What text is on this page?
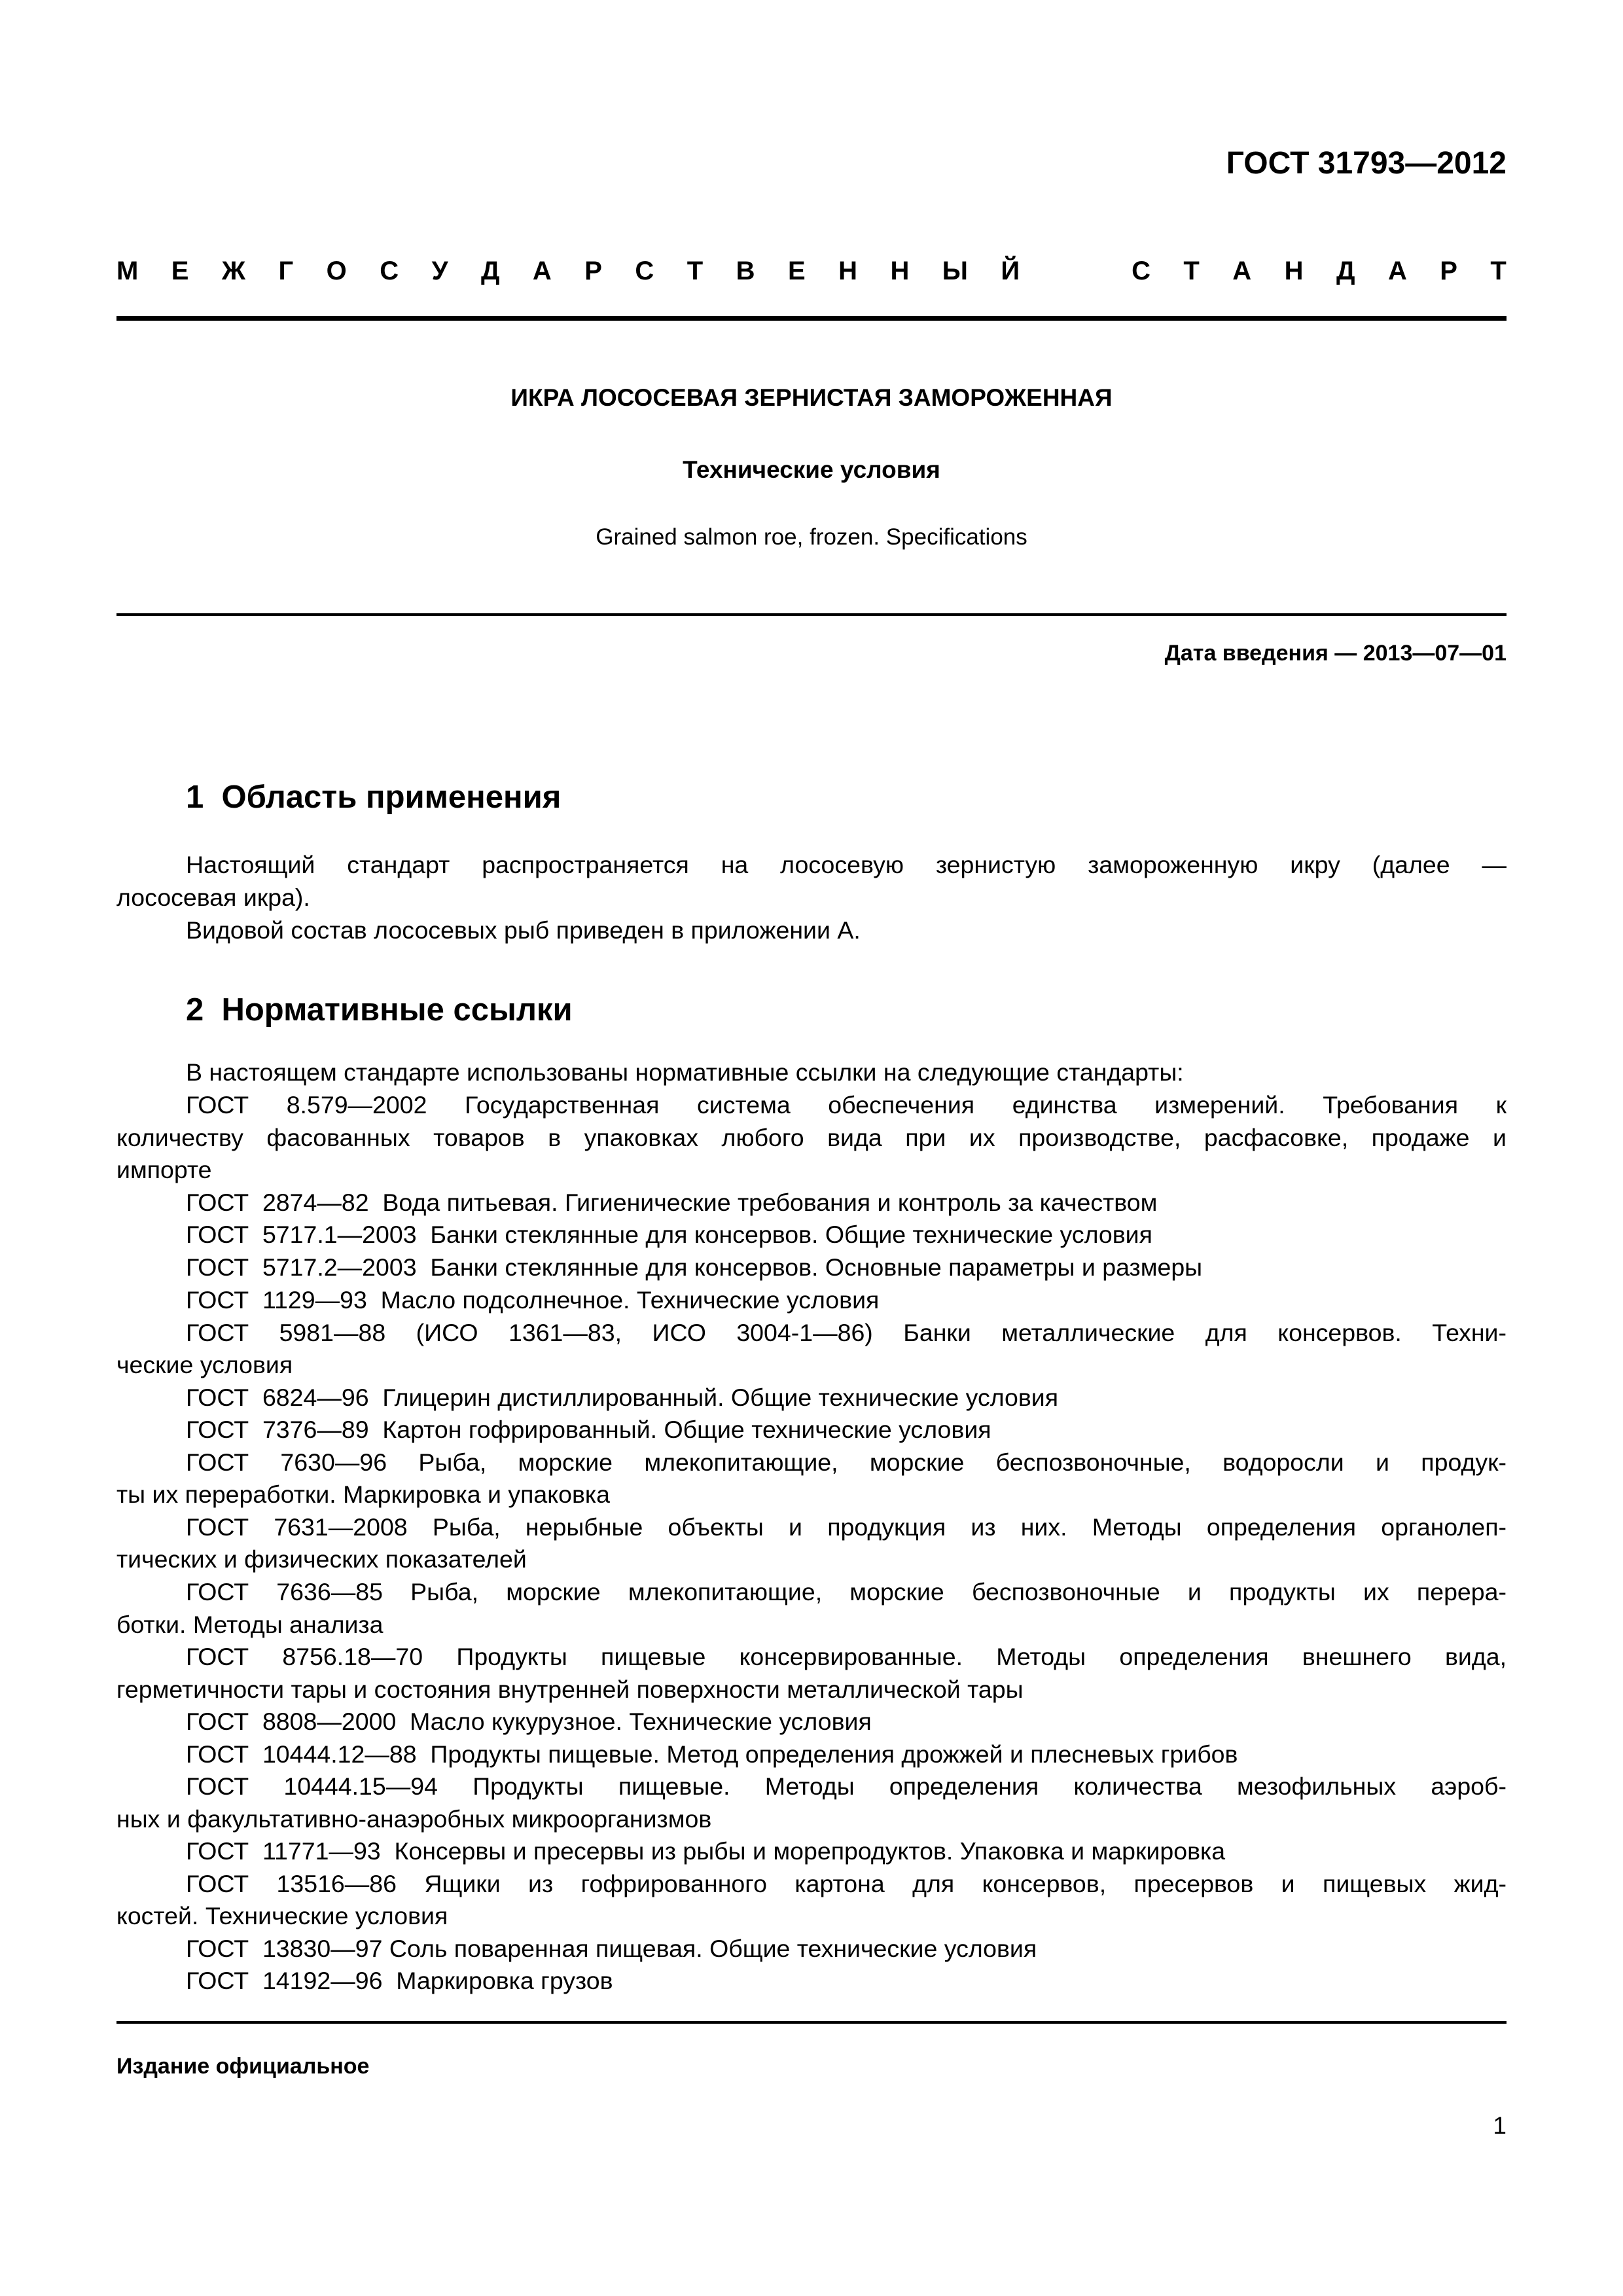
ГОСТ 31793—2012
М Е Ж Г О С У Д А Р С Т В Е Н Н Ы Й	С Т А Н Д А Р Т
ИКРА ЛОСОСЕВАЯ ЗЕРНИСТАЯ ЗАМОРОЖЕННАЯ
Технические условия
Grained salmon roe, frozen. Specifications
Дата введения — 2013—07—01
1  Область применения
Настоящий стандарт распространяется на лососевую зернистую замороженную икру (далее —
лососевая икра).
Видовой состав лососевых рыб приведен в приложении А.
2  Нормативные ссылки
В настоящем стандарте использованы нормативные ссылки на следующие стандарты:
ГОСТ 8.579—2002 Государственная система обеспечения единства измерений. Требования к
количеству фасованных товаров в упаковках любого вида при их производстве, расфасовке, продаже и
импорте
ГОСТ  2874—82  Вода питьевая. Гигиенические требования и контроль за качеством
ГОСТ  5717.1—2003  Банки стеклянные для консервов. Общие технические условия
ГОСТ  5717.2—2003  Банки стеклянные для консервов. Основные параметры и размеры
ГОСТ  1129—93  Масло подсолнечное. Технические условия
ГОСТ 5981—88 (ИСО 1361—83, ИСО 3004-1—86) Банки металлические для консервов. Техни-
ческие условия
ГОСТ  6824—96  Глицерин дистиллированный. Общие технические условия
ГОСТ  7376—89  Картон гофрированный. Общие технические условия
ГОСТ 7630—96 Рыба, морские млекопитающие, морские беспозвоночные, водоросли и продук-
ты их переработки. Маркировка и упаковка
ГОСТ 7631—2008 Рыба, нерыбные объекты и продукция из них. Методы определения органолеп-
тических и физических показателей
ГОСТ 7636—85 Рыба, морские млекопитающие, морские беспозвоночные и продукты их перера-
ботки. Методы анализа
ГОСТ 8756.18—70 Продукты пищевые консервированные. Методы определения внешнего вида,
герметичности тары и состояния внутренней поверхности металлической тары
ГОСТ  8808—2000  Масло кукурузное. Технические условия
ГОСТ  10444.12—88  Продукты пищевые. Метод определения дрожжей и плесневых грибов
ГОСТ 10444.15—94 Продукты пищевые. Методы определения количества мезофильных аэроб-
ных и факультативно-анаэробных микроорганизмов
ГОСТ  11771—93  Консервы и пресервы из рыбы и морепродуктов. Упаковка и маркировка
ГОСТ 13516—86 Ящики из гофрированного картона для консервов, пресервов и пищевых жид-
костей. Технические условия
ГОСТ  13830—97 Соль поваренная пищевая. Общие технические условия
ГОСТ  14192—96  Маркировка грузов
Издание официальное
1
